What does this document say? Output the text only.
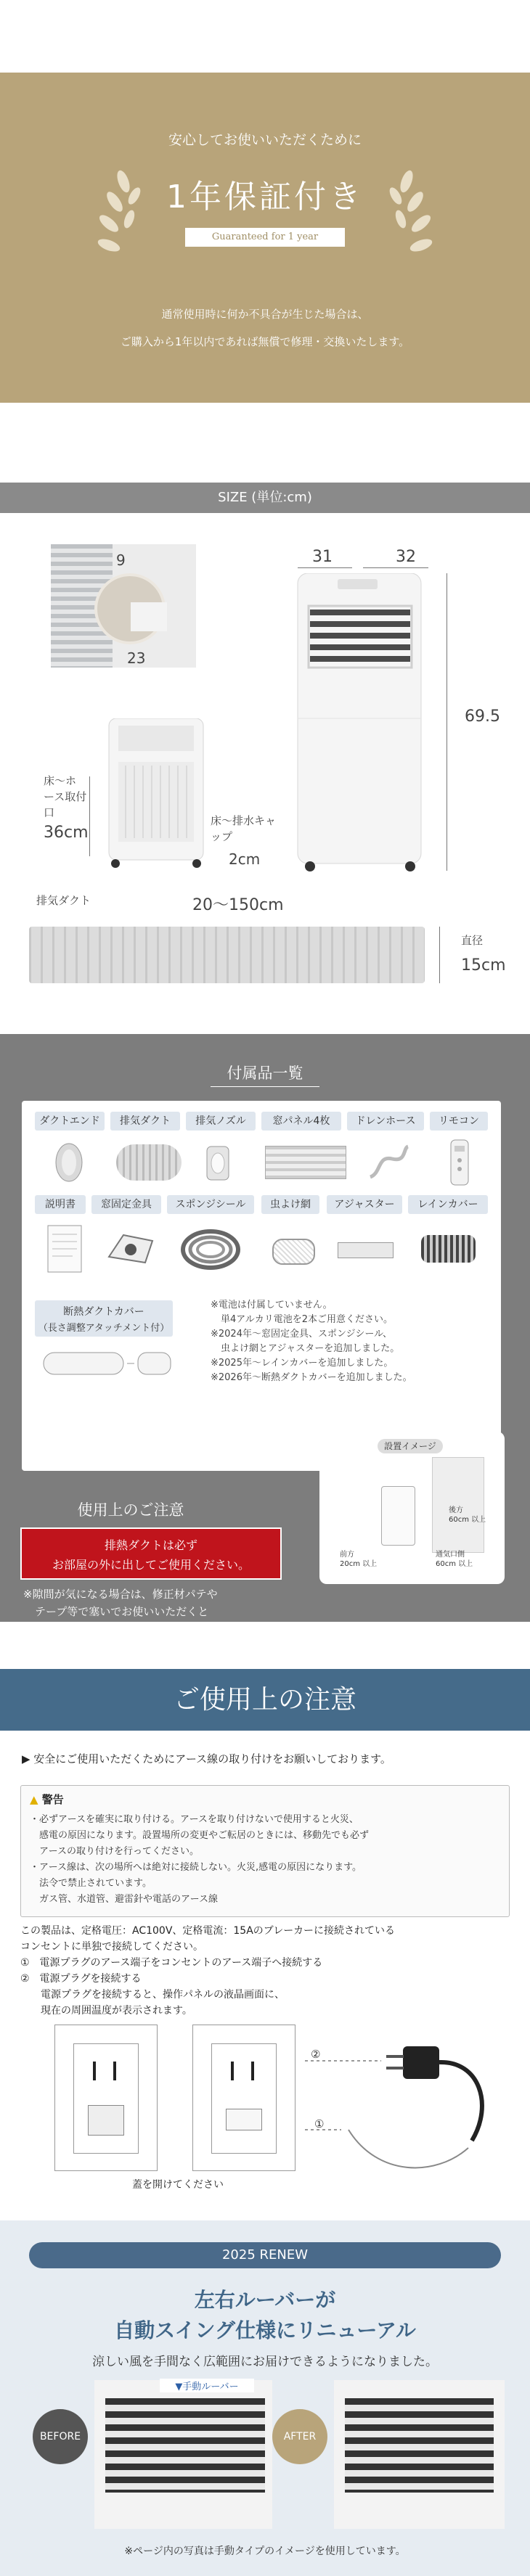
安心してお使いいただくために
1年保証付き
Guaranteed for 1 year
通常使用時に何か不具合が生じた場合は、
ご購入から1年以内であれば無償で修理・交換いたします。
SIZE (単位:cm)
9
23
31	32
69.5
床～ホース取付口
36cm
床～排水キャップ
2cm
排気ダクト	20～150cm
直径
15cm
付属品一覧
ダクトエンド	排気ダクト	排気ノズル	窓パネル4枚	ドレンホース	リモコン
説明書	窓固定金具	スポンジシール	虫よけ網	アジャスター	レインカバー
断熱ダクトカバー
（長さ調整アタッチメント付）
※電池は付属していません。
単4アルカリ電池を2本ご用意ください。
※2024年～窓固定金具、スポンジシール、
虫よけ網とアジャスターを追加しました。
※2025年～レインカバーを追加しました。
※2026年～断熱ダクトカバーを追加しました。
使用上のご注意
排熱ダクトは必ず
お部屋の外に出してご使用ください。
※隙間が気になる場合は、修正材パテや
テープ等で塞いでお使いいただくと
幸いです。
設置イメージ
後方
60cm 以上
前方
20cm 以上
通気口側
60cm 以上
ご使用上の注意
▶ 安全にご使用いただくためにアース線の取り付けをお願いしております。
▲ 警告
・必ずアースを確実に取り付ける。アースを取り付けないで使用すると火災、
　感電の原因になります。設置場所の変更やご転居のときには、移動先でも必ず
　アースの取り付けを行ってください。
・アース線は、次の場所へは絶対に接続しない。火災,感電の原因になります。
　法令で禁止されています。
　ガス管、水道管、避雷針や電話のアース線
この製品は、定格電圧：AC100V、定格電流：15Aのブレーカーに接続されている
コンセントに単独で接続してください。
①　電源プラグのアース端子をコンセントのアース端子へ接続する
②　電源プラグを接続する
　　電源プラグを接続すると、操作パネルの液晶画面に、
　　現在の周囲温度が表示されます。
②
①
蓋を開けてください
2025 RENEW
左右ルーバーが
自動スイング仕様にリニューアル
涼しい風を手間なく広範囲にお届けできるようになりました。
▼手動ルーバー
BEFORE	AFTER
※ページ内の写真は手動タイプのイメージを使用しています。
